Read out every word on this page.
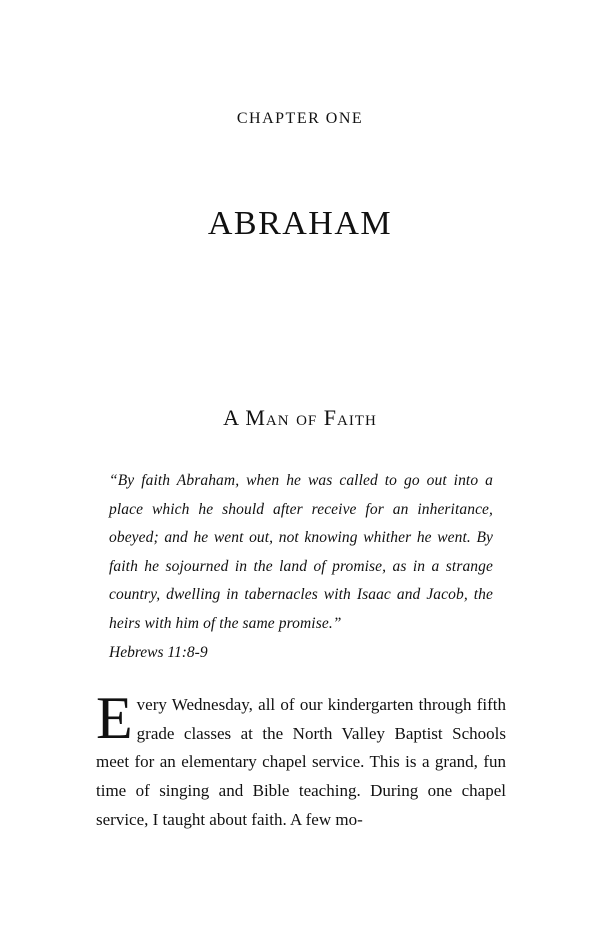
CHAPTER ONE
ABRAHAM
A Man of Faith

“By faith Abraham, when he was called to go out into a place which he should after receive for an inheritance, obeyed; and he went out, not knowing whither he went. By faith he sojourned in the land of promise, as in a strange country, dwelling in tabernacles with Isaac and Jacob, the heirs with him of the same promise.”

Hebrews 11:8-9

Every Wednesday, all of our kindergarten through fifth grade classes at the North Valley Baptist Schools meet for an elementary chapel service. This is a grand, fun time of singing and Bible teaching. During one chapel service, I taught about faith. A few mo-
